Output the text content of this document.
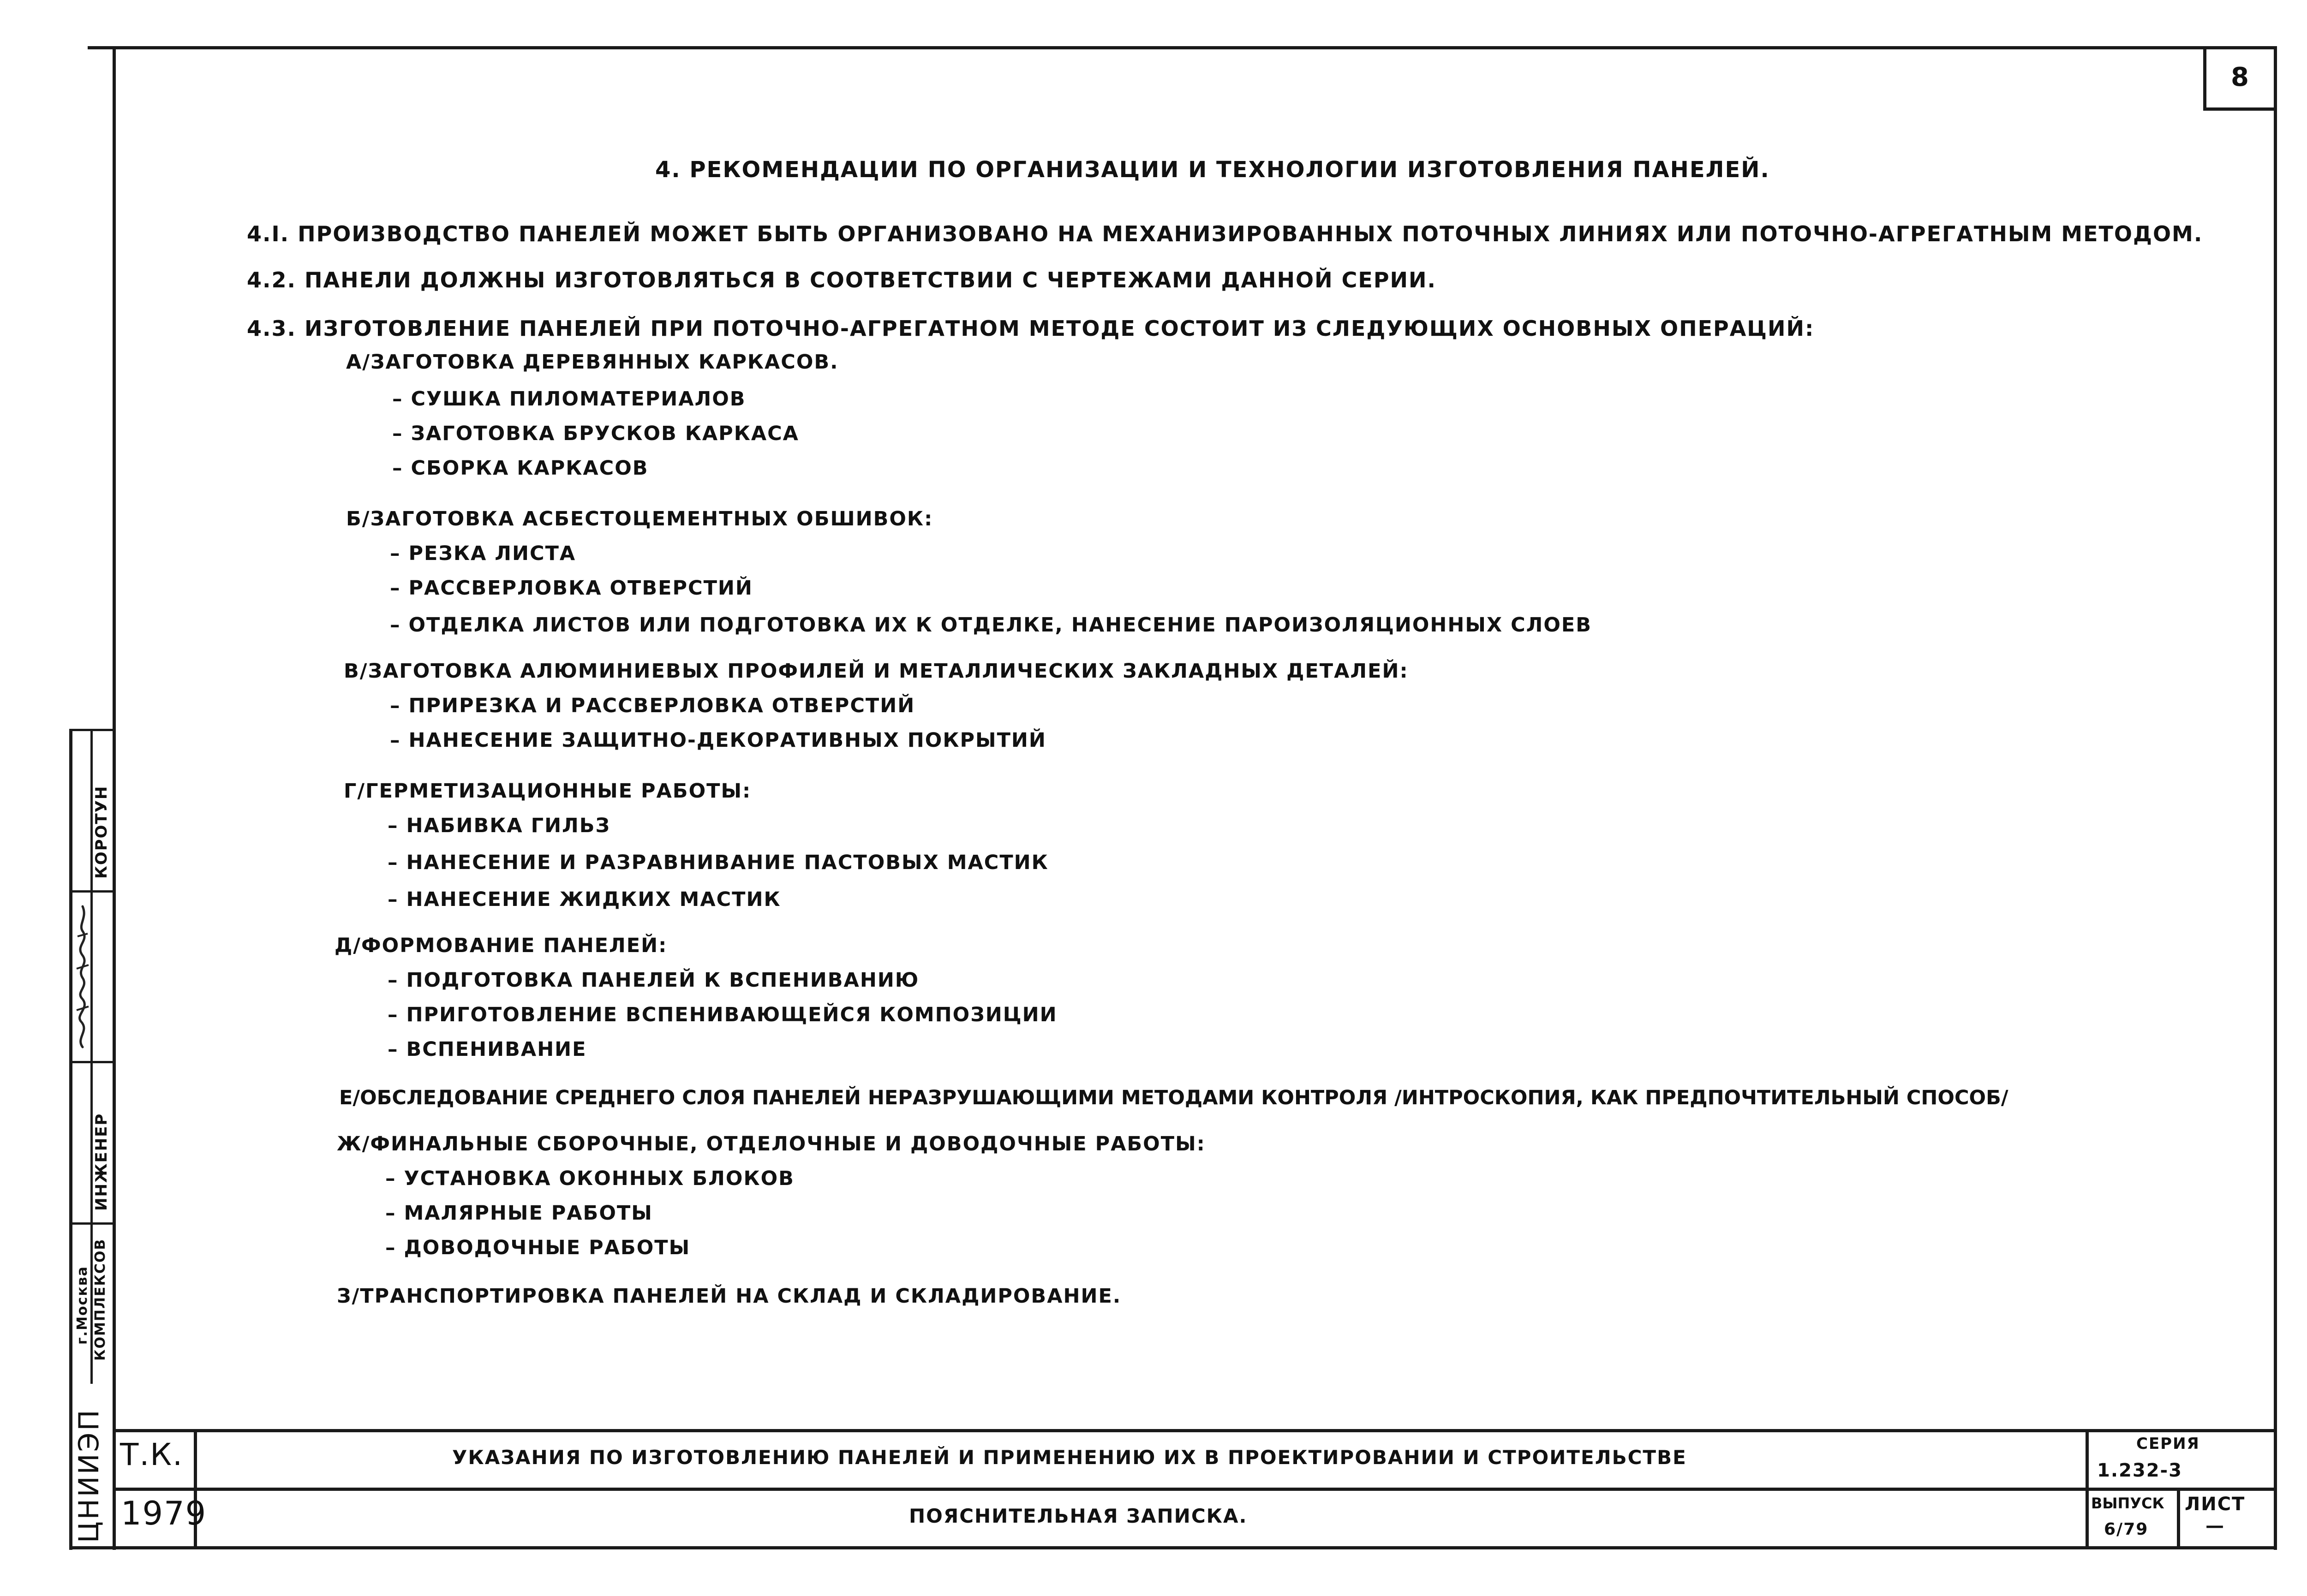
8
4. РЕКОМЕНДАЦИИ ПО ОРГАНИЗАЦИИ И ТЕХНОЛОГИИ ИЗГОТОВЛЕНИЯ ПАНЕЛЕЙ.
4.I. ПРОИЗВОДСТВО ПАНЕЛЕЙ МОЖЕТ БЫТЬ ОРГАНИЗОВАНО НА МЕХАНИЗИРОВАННЫХ ПОТОЧНЫХ ЛИНИЯХ ИЛИ ПОТОЧНО-АГРЕГАТНЫМ МЕТОДОМ.
4.2. ПАНЕЛИ ДОЛЖНЫ ИЗГОТОВЛЯТЬСЯ В СООТВЕТСТВИИ С ЧЕРТЕЖАМИ ДАННОЙ СЕРИИ.
4.3. ИЗГОТОВЛЕНИЕ ПАНЕЛЕЙ ПРИ ПОТОЧНО-АГРЕГАТНОМ МЕТОДЕ СОСТОИТ ИЗ СЛЕДУЮЩИХ ОСНОВНЫХ ОПЕРАЦИЙ:
А/ЗАГОТОВКА ДЕРЕВЯННЫХ КАРКАСОВ.
– СУШКА ПИЛОМАТЕРИАЛОВ
– ЗАГОТОВКА БРУСКОВ КАРКАСА
– СБОРКА КАРКАСОВ
Б/ЗАГОТОВКА АСБЕСТОЦЕМЕНТНЫХ ОБШИВОК:
– РЕЗКА ЛИСТА
– РАССВЕРЛОВКА ОТВЕРСТИЙ
– ОТДЕЛКА ЛИСТОВ ИЛИ ПОДГОТОВКА ИХ К ОТДЕЛКЕ, НАНЕСЕНИЕ ПАРОИЗОЛЯЦИОННЫХ СЛОЕВ
В/ЗАГОТОВКА АЛЮМИНИЕВЫХ ПРОФИЛЕЙ И МЕТАЛЛИЧЕСКИХ ЗАКЛАДНЫХ ДЕТАЛЕЙ:
– ПРИРЕЗКА И РАССВЕРЛОВКА ОТВЕРСТИЙ
– НАНЕСЕНИЕ ЗАЩИТНО-ДЕКОРАТИВНЫХ ПОКРЫТИЙ
Г/ГЕРМЕТИЗАЦИОННЫЕ РАБОТЫ:
– НАБИВКА ГИЛЬЗ
– НАНЕСЕНИЕ И РАЗРАВНИВАНИЕ ПАСТОВЫХ МАСТИК
– НАНЕСЕНИЕ ЖИДКИХ МАСТИК
Д/ФОРМОВАНИЕ ПАНЕЛЕЙ:
– ПОДГОТОВКА ПАНЕЛЕЙ К ВСПЕНИВАНИЮ
– ПРИГОТОВЛЕНИЕ ВСПЕНИВАЮЩЕЙСЯ КОМПОЗИЦИИ
– ВСПЕНИВАНИЕ
Е/ОБСЛЕДОВАНИЕ СРЕДНЕГО СЛОЯ ПАНЕЛЕЙ НЕРАЗРУШАЮЩИМИ МЕТОДАМИ КОНТРОЛЯ /ИНТРОСКОПИЯ, КАК ПРЕДПОЧТИТЕЛЬНЫЙ СПОСОБ/
Ж/ФИНАЛЬНЫЕ СБОРОЧНЫЕ, ОТДЕЛОЧНЫЕ И ДОВОДОЧНЫЕ РАБОТЫ:
– УСТАНОВКА ОКОННЫХ БЛОКОВ
– МАЛЯРНЫЕ РАБОТЫ
– ДОВОДОЧНЫЕ РАБОТЫ
З/ТРАНСПОРТИРОВКА ПАНЕЛЕЙ НА СКЛАД И СКЛАДИРОВАНИЕ.
Т.К.
1979
УКАЗАНИЯ ПО ИЗГОТОВЛЕНИЮ ПАНЕЛЕЙ И ПРИМЕНЕНИЮ ИХ В ПРОЕКТИРОВАНИИ И СТРОИТЕЛЬСТВЕ
ПОЯСНИТЕЛЬНАЯ ЗАПИСКА.
СЕРИЯ
1.232-3
ВЫПУСК
6/79
ЛИСТ
—
КОРОТУН
ИНЖЕНЕР
КОМПЛЕКСОВ
г.Москва
ЦНИИЭП
